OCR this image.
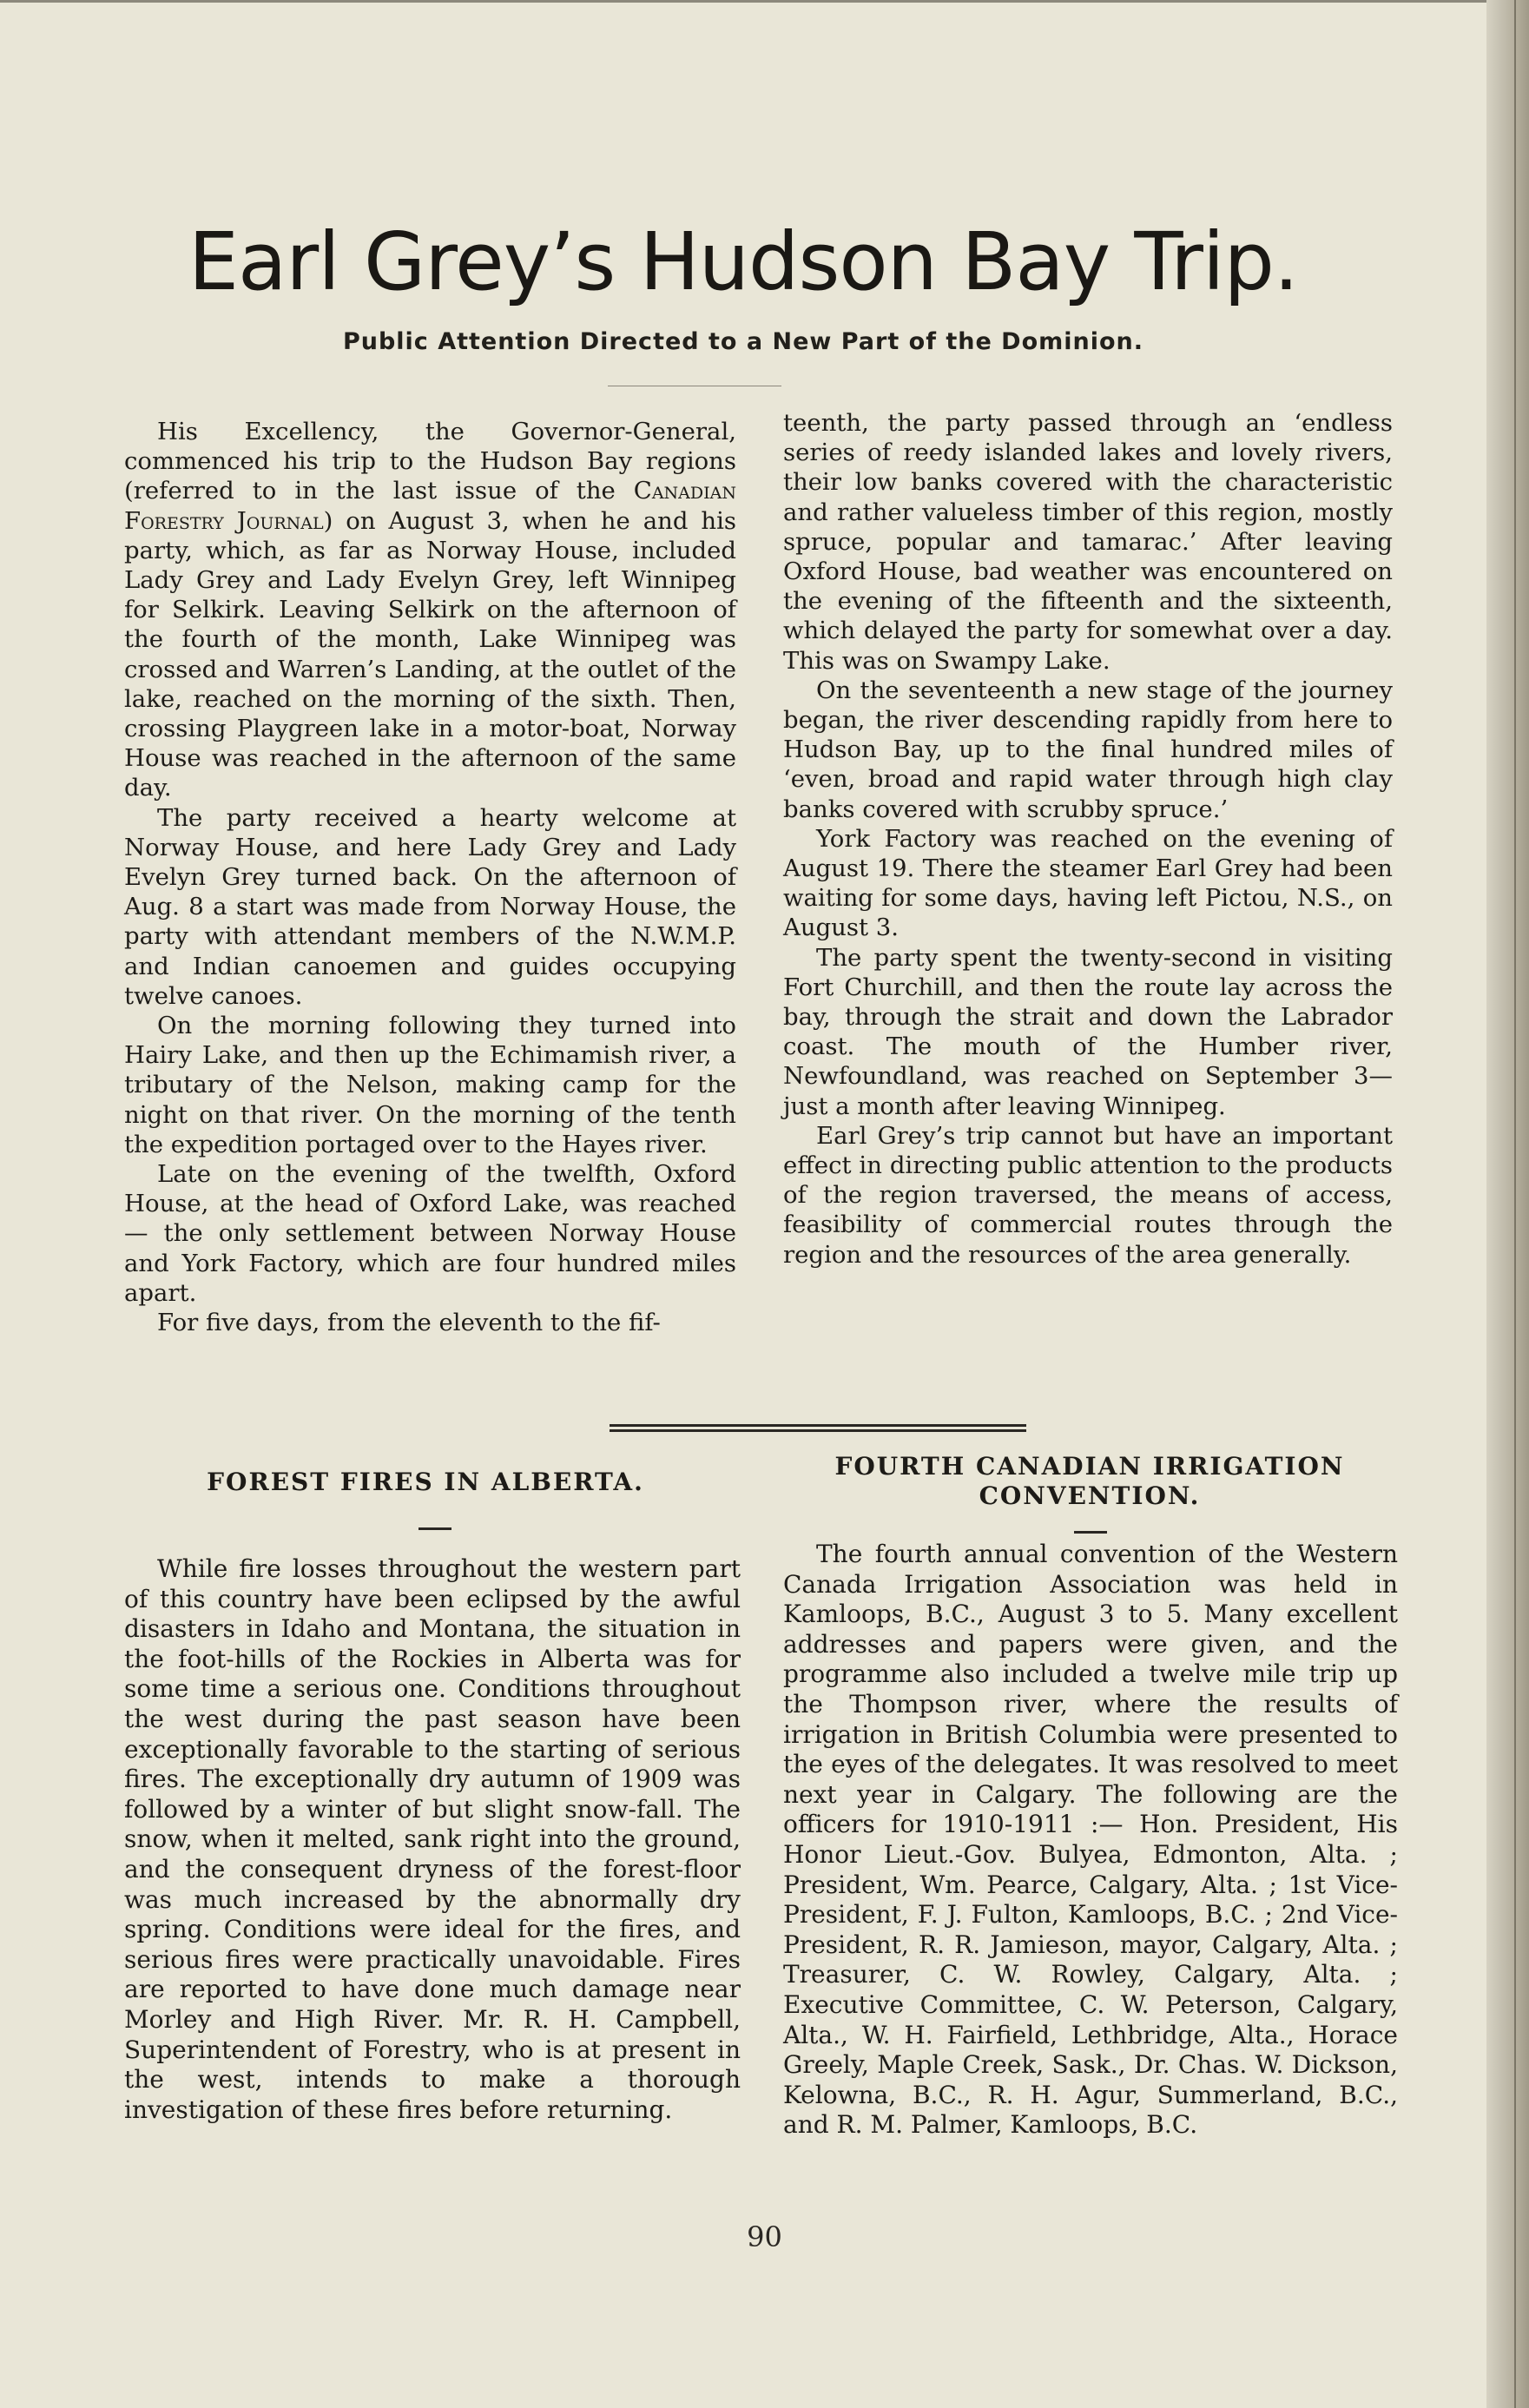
Earl Grey’s Hudson Bay Trip.
Public Attention Directed to a New Part of the Dominion.

His Excellency, the Governor-General, commenced his trip to the Hudson Bay regions (referred to in the last issue of the Canadian Forestry Journal) on August 3, when he and his party, which, as far as Norway House, included Lady Grey and Lady Evelyn Grey, left Winnipeg for Selkirk. Leaving Selkirk on the afternoon of the fourth of the month, Lake Winnipeg was crossed and Warren’s Landing, at the outlet of the lake, reached on the morning of the sixth. Then, crossing Playgreen lake in a motor-boat, Norway House was reached in the afternoon of the same day.

The party received a hearty welcome at Norway House, and here Lady Grey and Lady Evelyn Grey turned back. On the afternoon of Aug. 8 a start was made from Norway House, the party with attendant members of the N.W.M.P. and Indian canoemen and guides occupying twelve canoes.

On the morning following they turned into Hairy Lake, and then up the Echimamish river, a tributary of the Nelson, making camp for the night on that river. On the morning of the tenth the expedition portaged over to the Hayes river.

Late on the evening of the twelfth, Oxford House, at the head of Oxford Lake, was reached — the only settlement between Norway House and York Factory, which are four hundred miles apart.

For five days, from the eleventh to the fif-

teenth, the party passed through an ‘endless series of reedy islanded lakes and lovely rivers, their low banks covered with the characteristic and rather valueless timber of this region, mostly spruce, popular and tamarac.’ After leaving Oxford House, bad weather was encountered on the evening of the fifteenth and the sixteenth, which delayed the party for somewhat over a day. This was on Swampy Lake.

On the seventeenth a new stage of the journey began, the river descending rapidly from here to Hudson Bay, up to the final hundred miles of ‘even, broad and rapid water through high clay banks covered with scrubby spruce.’

York Factory was reached on the evening of August 19. There the steamer Earl Grey had been waiting for some days, having left Pictou, N.S., on August 3.

The party spent the twenty-second in visiting Fort Churchill, and then the route lay across the bay, through the strait and down the Labrador coast. The mouth of the Humber river, Newfoundland, was reached on September 3—just a month after leaving Winnipeg.

Earl Grey’s trip cannot but have an important effect in directing public attention to the products of the region traversed, the means of access, feasibility of commercial routes through the region and the resources of the area generally.

FOREST FIRES IN ALBERTA.

While fire losses throughout the western part of this country have been eclipsed by the awful disasters in Idaho and Montana, the situation in the foot-hills of the Rockies in Alberta was for some time a serious one. Conditions throughout the west during the past season have been exceptionally favorable to the starting of serious fires. The exceptionally dry autumn of 1909 was followed by a winter of but slight snow-fall. The snow, when it melted, sank right into the ground, and the consequent dryness of the forest-floor was much increased by the abnormally dry spring. Conditions were ideal for the fires, and serious fires were practically unavoidable. Fires are reported to have done much damage near Morley and High River. Mr. R. H. Campbell, Superintendent of Forestry, who is at present in the west, intends to make a thorough investigation of these fires before returning.

FOURTH CANADIAN IRRIGATION CONVENTION.

The fourth annual convention of the Western Canada Irrigation Association was held in Kamloops, B.C., August 3 to 5. Many excellent addresses and papers were given, and the programme also included a twelve mile trip up the Thompson river, where the results of irrigation in British Columbia were presented to the eyes of the delegates. It was resolved to meet next year in Calgary. The following are the officers for 1910-1911 :— Hon. President, His Honor Lieut.-Gov. Bulyea, Edmonton, Alta. ; President, Wm. Pearce, Calgary, Alta. ; 1st Vice-President, F. J. Fulton, Kamloops, B.C. ; 2nd Vice-President, R. R. Jamieson, mayor, Calgary, Alta. ; Treasurer, C. W. Rowley, Calgary, Alta. ; Executive Committee, C. W. Peterson, Calgary, Alta., W. H. Fairfield, Lethbridge, Alta., Horace Greely, Maple Creek, Sask., Dr. Chas. W. Dickson, Kelowna, B.C., R. H. Agur, Summerland, B.C., and R. M. Palmer, Kamloops, B.C.

90
